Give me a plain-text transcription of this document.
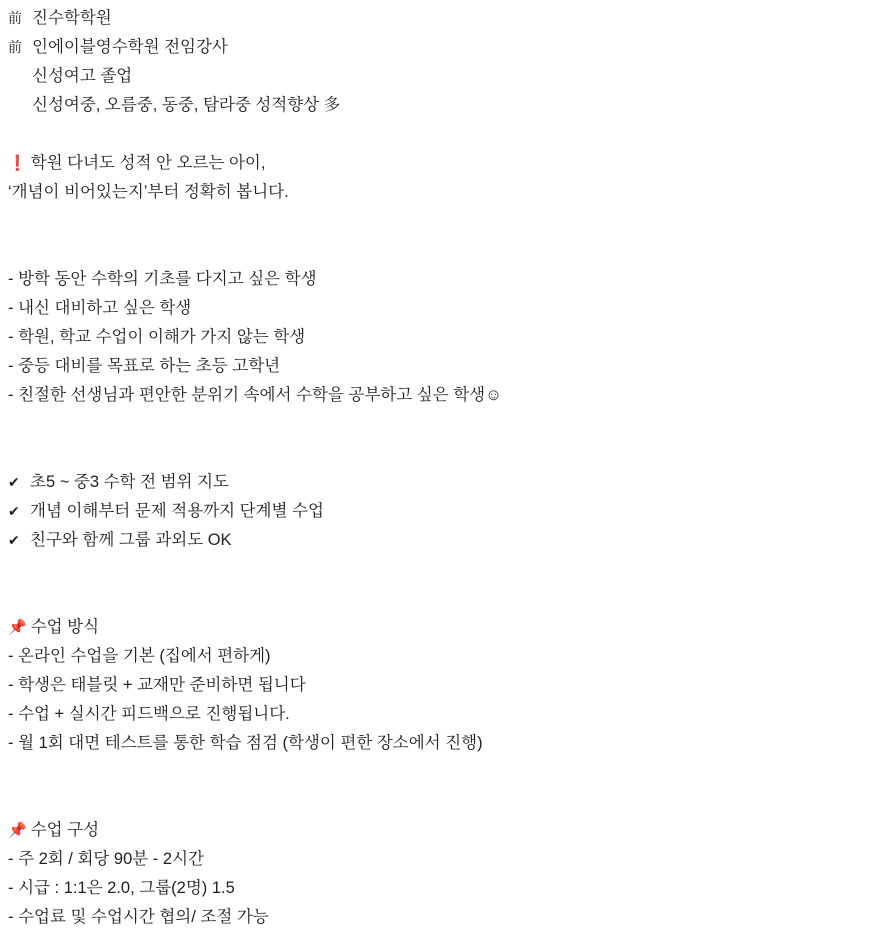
前 진수학학원
前 인에이블영수학원 전임강사
신성여고 졸업
신성여중, 오름중, 동중, 탐라중 성적향상 多
❗ 학원 다녀도 성적 안 오르는 아이,
‘개념이 비어있는지’부터 정확히 봅니다.
- 방학 동안 수학의 기초를 다지고 싶은 학생
- 내신 대비하고 싶은 학생
- 학원, 학교 수업이 이해가 가지 않는 학생
- 중등 대비를 목표로 하는 초등 고학년
- 친절한 선생님과 편안한 분위기 속에서 수학을 공부하고 싶은 학생☺
✔ 초5 ~ 중3 수학 전 범위 지도
✔ 개념 이해부터 문제 적용까지 단계별 수업
✔ 친구와 함께 그룹 과외도 OK
📌 수업 방식
- 온라인 수업을 기본 (집에서 편하게)
- 학생은 태블릿 + 교재만 준비하면 됩니다
- 수업 + 실시간 피드백으로 진행됩니다.
- 월 1회 대면 테스트를 통한 학습 점검 (학생이 편한 장소에서 진행)
📌 수업 구성
- 주 2회 / 회당 90분 - 2시간
- 시급 : 1:1은 2.0, 그룹(2명) 1.5
- 수업료 및 수업시간 협의/ 조절 가능
